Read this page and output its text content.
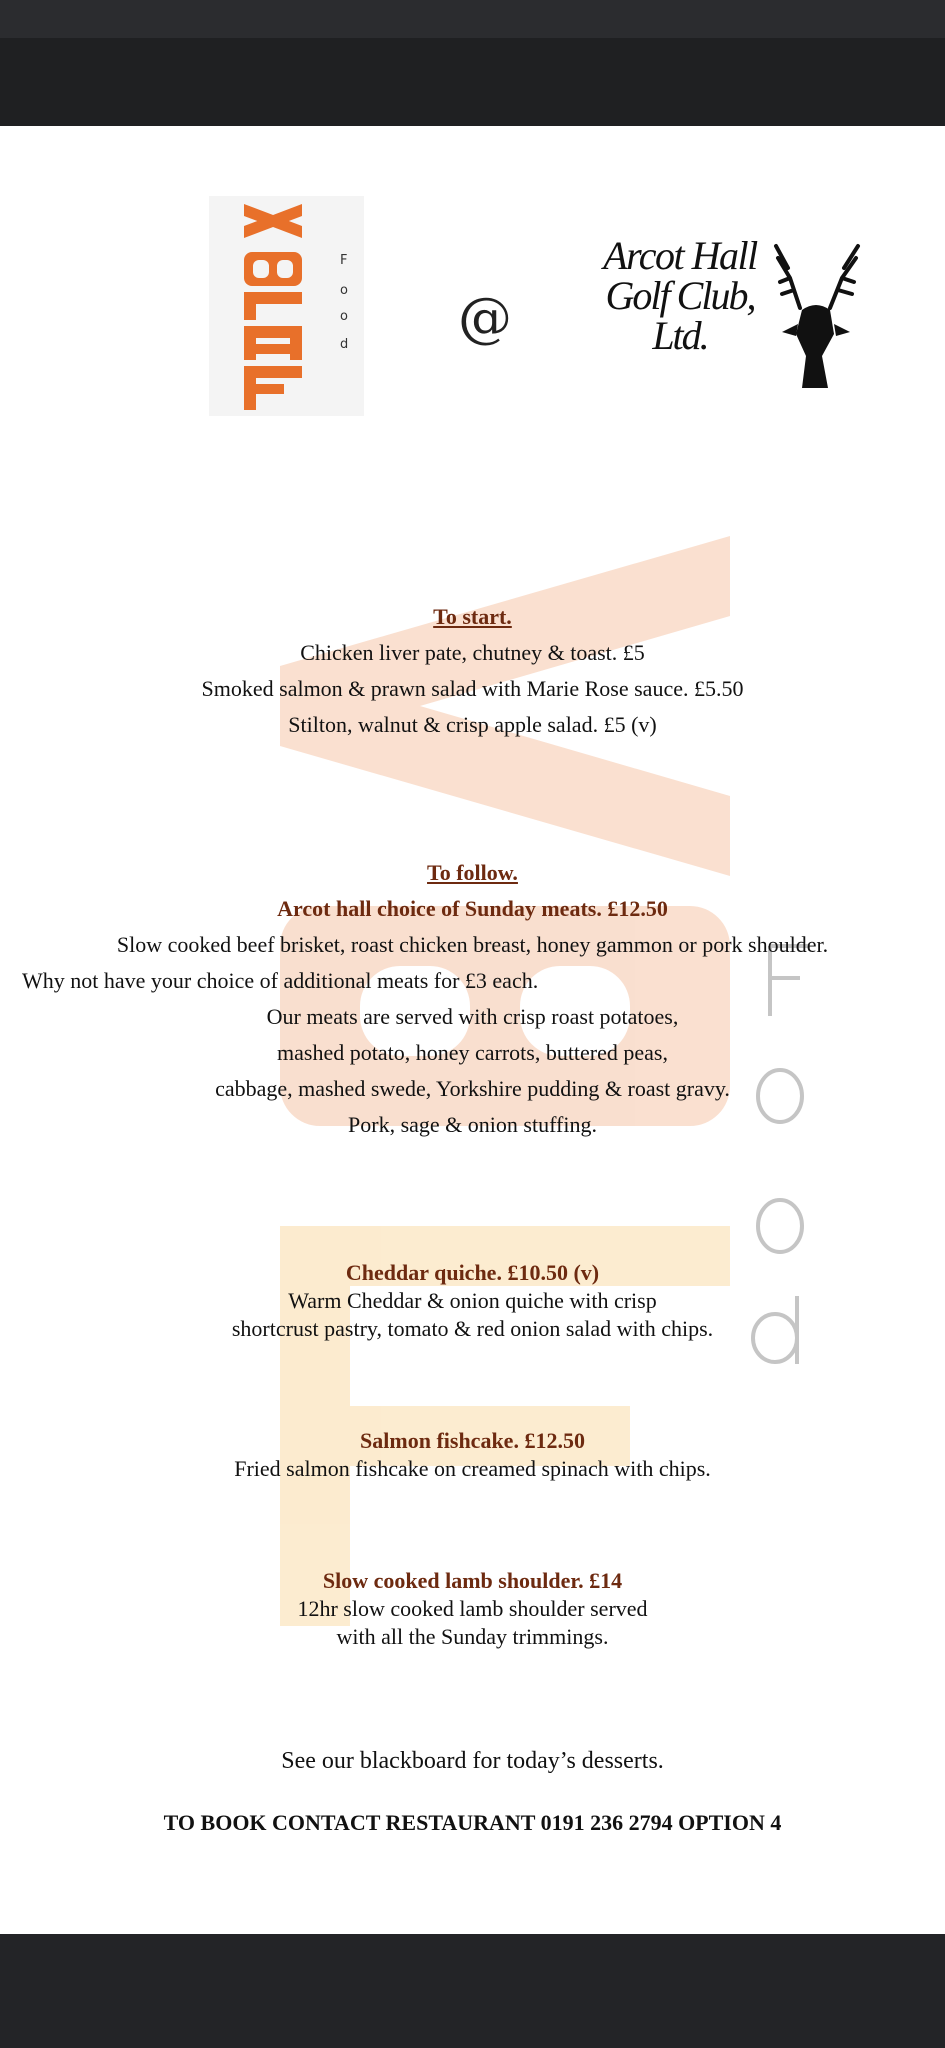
F
o
o
d @
Arcot Hall
Golf Club, Ltd.
To start.
Chicken liver pate, chutney & toast. £5
Smoked salmon & prawn salad with Marie Rose sauce. £5.50
Stilton, walnut & crisp apple salad. £5 (v)
To follow.
Arcot hall choice of Sunday meats. £12.50
Slow cooked beef brisket, roast chicken breast, honey gammon or pork shoulder.
Why not have your choice of additional meats for £3 each.
Our meats are served with crisp roast potatoes,
mashed potato, honey carrots, buttered peas,
cabbage, mashed swede, Yorkshire pudding & roast gravy.
Pork, sage & onion stuffing.
Cheddar quiche. £10.50 (v)
Warm Cheddar & onion quiche with crisp
shortcrust pastry, tomato & red onion salad with chips.
Salmon fishcake. £12.50
Fried salmon fishcake on creamed spinach with chips.
Slow cooked lamb shoulder. £14
12hr slow cooked lamb shoulder served
with all the Sunday trimmings.
See our blackboard for today’s desserts.
TO BOOK CONTACT RESTAURANT 0191 236 2794 OPTION 4
